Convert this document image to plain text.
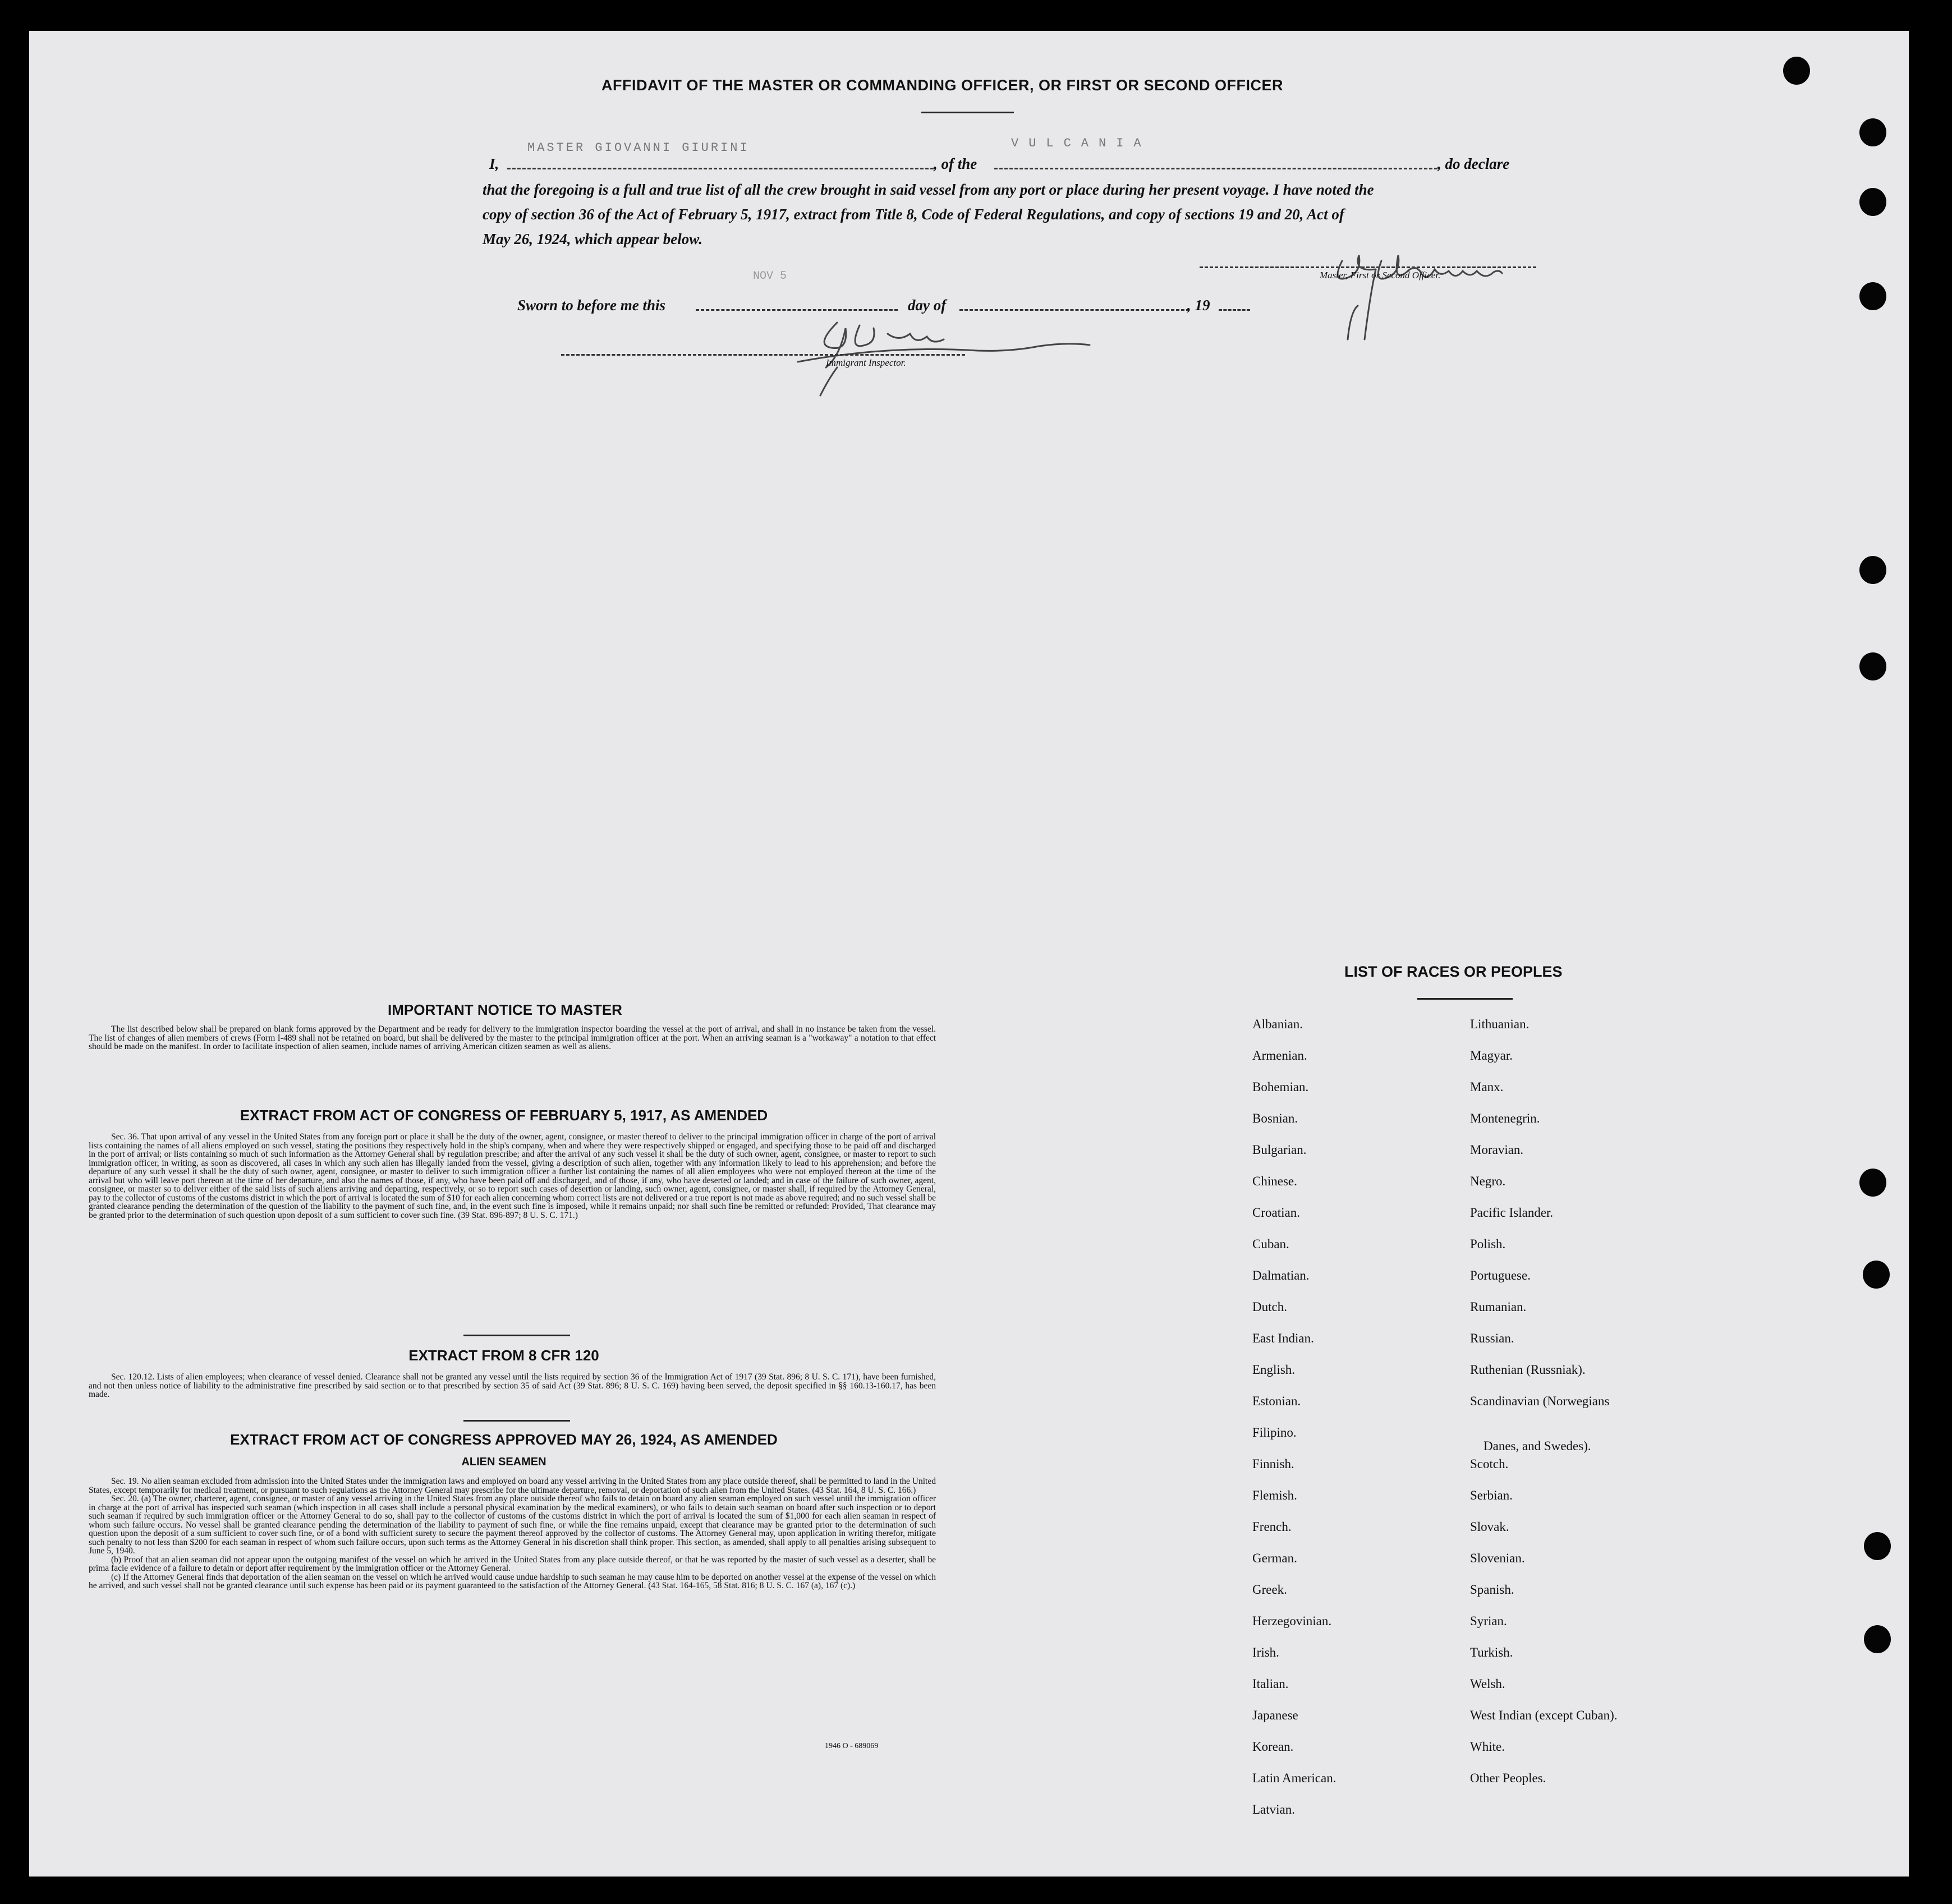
AFFIDAVIT OF THE MASTER OR COMMANDING OFFICER, OR FIRST OR SECOND OFFICER
I,
MASTER GIOVANNI GIURINI
, of the
VULCANIA
, do declare
that the foregoing is a full and true list of all the crew brought in said vessel from any port or place during her present voyage. I have noted the
copy of section 36 of the Act of February 5, 1917, extract from Title 8, Code of Federal Regulations, and copy of sections 19 and 20, Act of
May 26, 1924, which appear below.
Master, First or Second Officer.
Sworn to before me this
NOV 5
day of	, 19
Immigrant Inspector.
IMPORTANT NOTICE TO MASTER

The list described below shall be prepared on blank forms approved by the Department and be ready for delivery to the immigration inspector boarding the vessel at the port of arrival, and shall in no instance be taken from the vessel. The list of changes of alien members of crews (Form I-489 shall not be retained on board, but shall be delivered by the master to the principal immigration officer at the port. When an arriving seaman is a "workaway" a notation to that effect should be made on the manifest. In order to facilitate inspection of alien seamen, include names of arriving American citizen seamen as well as aliens.

EXTRACT FROM ACT OF CONGRESS OF FEBRUARY 5, 1917, AS AMENDED

Sec. 36. That upon arrival of any vessel in the United States from any foreign port or place it shall be the duty of the owner, agent, consignee, or master thereof to deliver to the principal immigration officer in charge of the port of arrival lists containing the names of all aliens employed on such vessel, stating the positions they respectively hold in the ship's company, when and where they were respectively shipped or engaged, and specifying those to be paid off and discharged in the port of arrival; or lists containing so much of such information as the Attorney General shall by regulation prescribe; and after the arrival of any such vessel it shall be the duty of such owner, agent, consignee, or master to report to such immigration officer, in writing, as soon as discovered, all cases in which any such alien has illegally landed from the vessel, giving a description of such alien, together with any information likely to lead to his apprehension; and before the departure of any such vessel it shall be the duty of such owner, agent, consignee, or master to deliver to such immigration officer a further list containing the names of all alien employees who were not employed thereon at the time of the arrival but who will leave port thereon at the time of her departure, and also the names of those, if any, who have been paid off and discharged, and of those, if any, who have deserted or landed; and in case of the failure of such owner, agent, consignee, or master so to deliver either of the said lists of such aliens arriving and departing, respectively, or so to report such cases of desertion or landing, such owner, agent, consignee, or master shall, if required by the Attorney General, pay to the collector of customs of the customs district in which the port of arrival is located the sum of $10 for each alien concerning whom correct lists are not delivered or a true report is not made as above required; and no such vessel shall be granted clearance pending the determination of the question of the liability to the payment of such fine, and, in the event such fine is imposed, while it remains unpaid; nor shall such fine be remitted or refunded: Provided, That clearance may be granted prior to the determination of such question upon deposit of a sum sufficient to cover such fine. (39 Stat. 896-897; 8 U. S. C. 171.)

EXTRACT FROM 8 CFR 120

Sec. 120.12. Lists of alien employees; when clearance of vessel denied. Clearance shall not be granted any vessel until the lists required by section 36 of the Immigration Act of 1917 (39 Stat. 896; 8 U. S. C. 171), have been furnished, and not then unless notice of liability to the administrative fine prescribed by said section or to that prescribed by section 35 of said Act (39 Stat. 896; 8 U. S. C. 169) having been served, the deposit specified in §§ 160.13-160.17, has been made.

EXTRACT FROM ACT OF CONGRESS APPROVED MAY 26, 1924, AS AMENDED
ALIEN SEAMEN

Sec. 19. No alien seaman excluded from admission into the United States under the immigration laws and employed on board any vessel arriving in the United States from any place outside thereof, shall be permitted to land in the United States, except temporarily for medical treatment, or pursuant to such regulations as the Attorney General may prescribe for the ultimate departure, removal, or deportation of such alien from the United States. (43 Stat. 164, 8 U. S. C. 166.)

Sec. 20. (a) The owner, charterer, agent, consignee, or master of any vessel arriving in the United States from any place outside thereof who fails to detain on board any alien seaman employed on such vessel until the immigration officer in charge at the port of arrival has inspected such seaman (which inspection in all cases shall include a personal physical examination by the medical examiners), or who fails to detain such seaman on board after such inspection or to deport such seaman if required by such immigration officer or the Attorney General to do so, shall pay to the collector of customs of the customs district in which the port of arrival is located the sum of $1,000 for each alien seaman in respect of whom such failure occurs. No vessel shall be granted clearance pending the determination of the liability to payment of such fine, or while the fine remains unpaid, except that clearance may be granted prior to the determination of such question upon the deposit of a sum sufficient to cover such fine, or of a bond with sufficient surety to secure the payment thereof approved by the collector of customs. The Attorney General may, upon application in writing therefor, mitigate such penalty to not less than $200 for each seaman in respect of whom such failure occurs, upon such terms as the Attorney General in his discretion shall think proper. This section, as amended, shall apply to all penalties arising subsequent to June 5, 1940.

(b) Proof that an alien seaman did not appear upon the outgoing manifest of the vessel on which he arrived in the United States from any place outside thereof, or that he was reported by the master of such vessel as a deserter, shall be prima facie evidence of a failure to detain or deport after requirement by the immigration officer or the Attorney General.

(c) If the Attorney General finds that deportation of the alien seaman on the vessel on which he arrived would cause undue hardship to such seaman he may cause him to be deported on another vessel at the expense of the vessel on which he arrived, and such vessel shall not be granted clearance until such expense has been paid or its payment guaranteed to the satisfaction of the Attorney General. (43 Stat. 164-165, 58 Stat. 816; 8 U. S. C. 167 (a), 167 (c).)

1946 O - 689069
LIST OF RACES OR PEOPLES
Albanian.
Armenian.
Bohemian.
Bosnian.
Bulgarian.
Chinese.
Croatian.
Cuban.
Dalmatian.
Dutch.
East Indian.
English.
Estonian.
Filipino.
Finnish.
Flemish.
French.
German.
Greek.
Herzegovinian.
Irish.
Italian.
Japanese
Korean.
Latin American.
Latvian.
Lithuanian.
Magyar.
Manx.
Montenegrin.
Moravian.
Negro.
Pacific Islander.
Polish.
Portuguese.
Rumanian.
Russian.
Ruthenian (Russniak).
Scandinavian (Norwegians
Danes, and Swedes).
Scotch.
Serbian.
Slovak.
Slovenian.
Spanish.
Syrian.
Turkish.
Welsh.
West Indian (except Cuban).
White.
Other Peoples.
